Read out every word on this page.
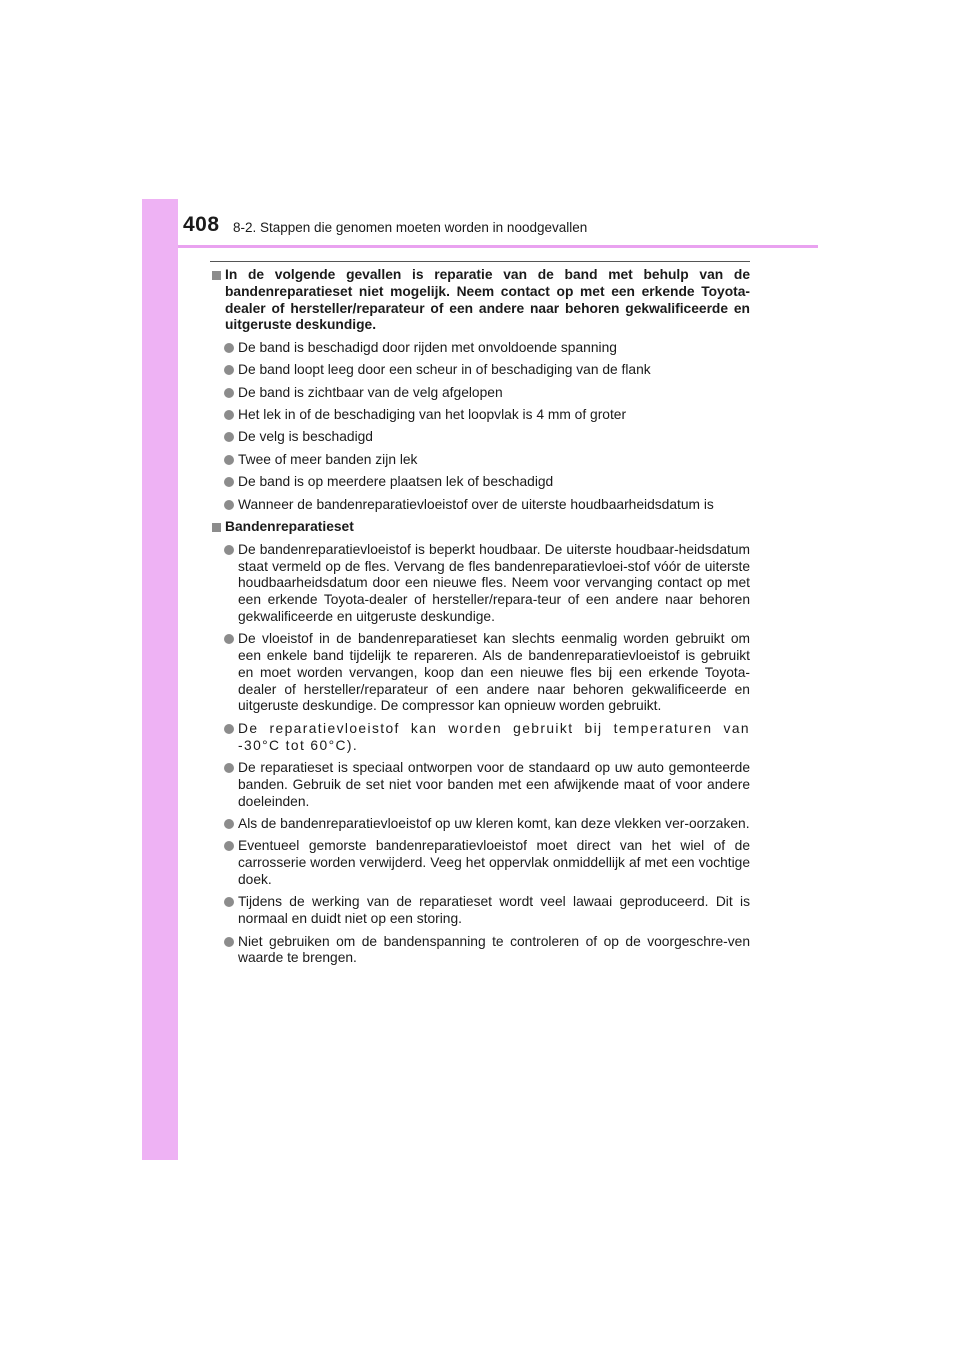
408 8-2. Stappen die genomen moeten worden in noodgevallen
In de volgende gevallen is reparatie van de band met behulp van de bandenreparatieset niet mogelijk. Neem contact op met een erkende Toyota-dealer of hersteller/reparateur of een andere naar behoren gekwalificeerde en uitgeruste deskundige.
De band is beschadigd door rijden met onvoldoende spanning
De band loopt leeg door een scheur in of beschadiging van de flank
De band is zichtbaar van de velg afgelopen
Het lek in of de beschadiging van het loopvlak is 4 mm of groter
De velg is beschadigd
Twee of meer banden zijn lek
De band is op meerdere plaatsen lek of beschadigd
Wanneer de bandenreparatievloeistof over de uiterste houdbaarheidsdatum is
Bandenreparatieset
De bandenreparatievloeistof is beperkt houdbaar. De uiterste houdbaar-heidsdatum staat vermeld op de fles. Vervang de fles bandenreparatievloei-stof vóór de uiterste houdbaarheidsdatum door een nieuwe fles. Neem voor vervanging contact op met een erkende Toyota-dealer of hersteller/repara-teur of een andere naar behoren gekwalificeerde en uitgeruste deskundige.
De vloeistof in de bandenreparatieset kan slechts eenmalig worden gebruikt om een enkele band tijdelijk te repareren. Als de bandenreparatievloeistof is gebruikt en moet worden vervangen, koop dan een nieuwe fles bij een erkende Toyota-dealer of hersteller/reparateur of een andere naar behoren gekwalificeerde en uitgeruste deskundige. De compressor kan opnieuw worden gebruikt.
De reparatievloeistof kan worden gebruikt bij temperaturen van -30°C tot 60°C).
De reparatieset is speciaal ontworpen voor de standaard op uw auto gemonteerde banden. Gebruik de set niet voor banden met een afwijkende maat of voor andere doeleinden.
Als de bandenreparatievloeistof op uw kleren komt, kan deze vlekken ver-oorzaken.
Eventueel gemorste bandenreparatievloeistof moet direct van het wiel of de carrosserie worden verwijderd. Veeg het oppervlak onmiddellijk af met een vochtige doek.
Tijdens de werking van de reparatieset wordt veel lawaai geproduceerd. Dit is normaal en duidt niet op een storing.
Niet gebruiken om de bandenspanning te controleren of op de voorgeschre-ven waarde te brengen.
